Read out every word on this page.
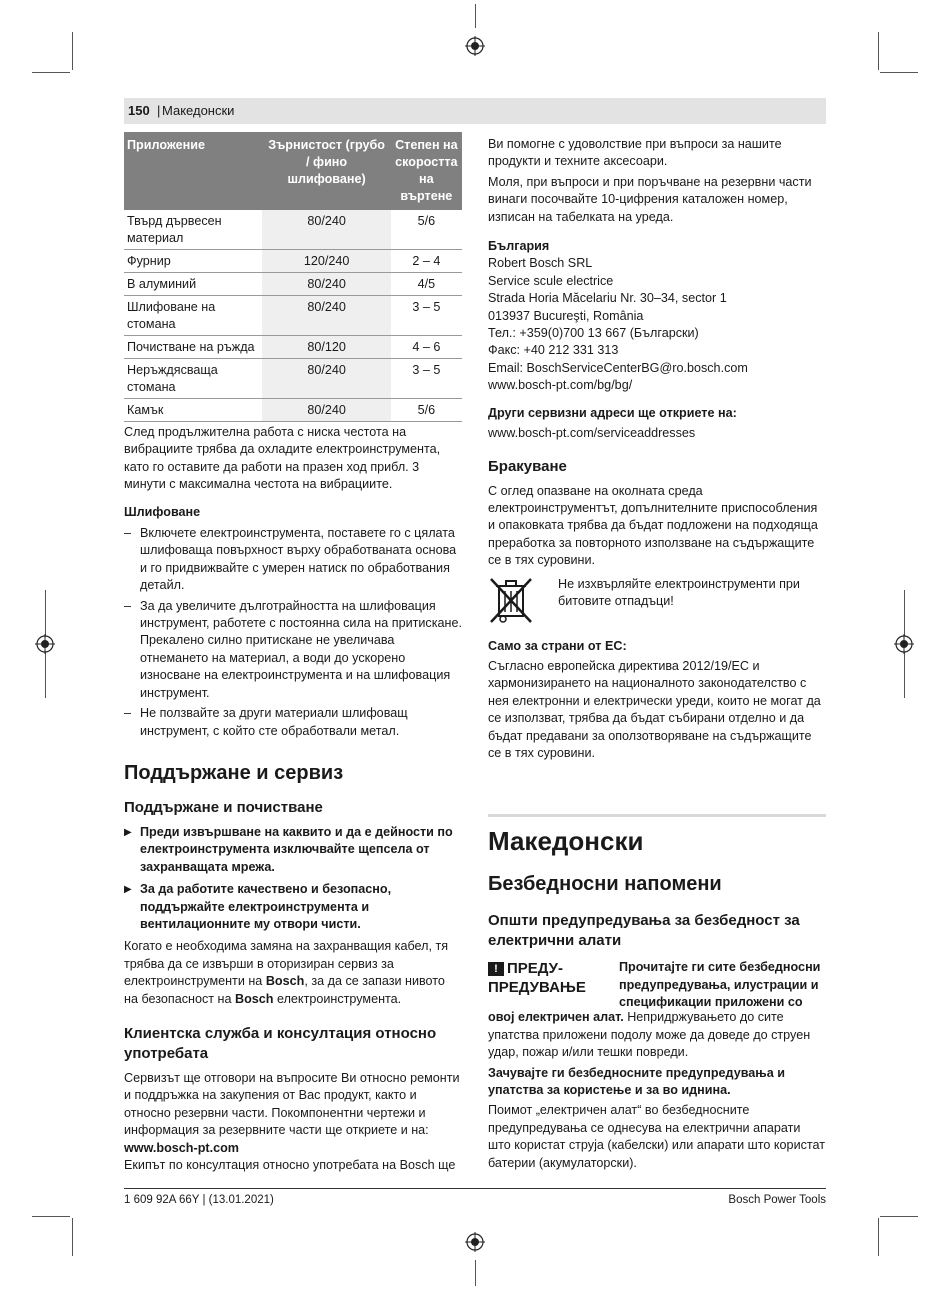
150 | Македонски
Приложение	Зърнистост (грубо / фино шлифоване)	Степен на скоростта на въртене
Твърд дървесен материал	80/240	5/6
Фурнир	120/240	2 – 4
В алуминий	80/240	4/5
Шлифоване на стомана	80/240	3 – 5
Почистване на ръжда	80/120	4 – 6
Неръждясваща стомана	80/240	3 – 5
Камък	80/240	5/6

След продължителна работа с ниска честота на вибрациите трябва да охладите електроинструмента, като го оставите да работи на празен ход прибл. 3 минути с максимална честота на вибрациите.

Шлифоване
– Включете електроинструмента, поставете го с цялата шлифоваща повърхност върху обработваната основа и го придвижвайте с умерен натиск по обработвания детайл.
– За да увеличите дълготрайността на шлифовация инструмент, работете с постоянна сила на притискане. Прекалено силно притискане не увеличава отнемането на материал, а води до ускорено износване на електроинструмента и на шлифовация инструмент.
– Не ползвайте за други материали шлифоващ инструмент, с който сте обработвали метал.
Поддържане и сервиз
Поддържане и почистване
▶ Преди извършване на каквито и да е дейности по електроинструмента изключвайте щепсела от захранващата мрежа.
▶ За да работите качествено и безопасно, поддържайте електроинструмента и вентилационните му отвори чисти.

Когато е необходима замяна на захранващия кабел, тя трябва да се извърши в оторизиран сервиз за електроинструменти на Bosch, за да се запази нивото на безопасност на Bosch електроинструмента.

Клиентска служба и консултация относно употребата

Сервизът ще отговори на въпросите Ви относно ремонти и поддръжка на закупения от Вас продукт, както и относно резервни части. Покомпонентни чертежи и информация за резервните части ще откриете и на:

www.bosch-pt.com

Екипът по консултация относно употребата на Bosch ще

Ви помогне с удоволствие при въпроси за нашите продукти и техните аксесоари.

Моля, при въпроси и при поръчване на резервни части винаги посочвайте 10-цифрения каталожен номер, изписан на табелката на уреда.

България
Robert Bosch SRL
Service scule electrice
Strada Horia Măcelariu Nr. 30–34, sector 1
013937 Bucureşti, România
Тел.: +359(0)700 13 667 (Български)
Факс: +40 212 331 313
Email: BoschServiceCenterBG@ro.bosch.com
www.bosch-pt.com/bg/bg/
Други сервизни адреси ще откриете на:
www.bosch-pt.com/serviceaddresses
Бракуване

С оглед опазване на околната среда електроинструментът, допълнителните приспособления и опаковката трябва да бъдат подложени на подходяща преработка за повторното използване на съдържащите се в тях суровини.

Не изхвърляйте електроинструменти при битовите отпадъци!
Само за страни от ЕС:

Съгласно европейска директива 2012/19/ЕС и хармонизирането на националното законодателство с нея електронни и електрически уреди, които не могат да се използват, трябва да бъдат събирани отделно и да бъдат предавани за оползотворяване на съдържащите се в тях суровини.

Македонски
Безбедносни напомени
Општи предупредувања за безбедност за електрични алати
! ПРЕДУ-ПРЕДУВАЊЕ
Прочитајте ги сите безбедносни предупредувања, илустрации и спецификации приложени со

овој електричен алат. Непридржувањето до сите упатства приложени подолу може да доведе до струен удар, пожар и/или тешки повреди.

Зачувајте ги безбедносните предупредувања и упатства за користење и за во иднина.

Поимот „електричен алат“ во безбедносните предупредувања се однесува на електрични апарати што користат струја (кабелски) или апарати што користат батерии (акумулаторски).

1 609 92A 66Y | (13.01.2021)	Bosch Power Tools
